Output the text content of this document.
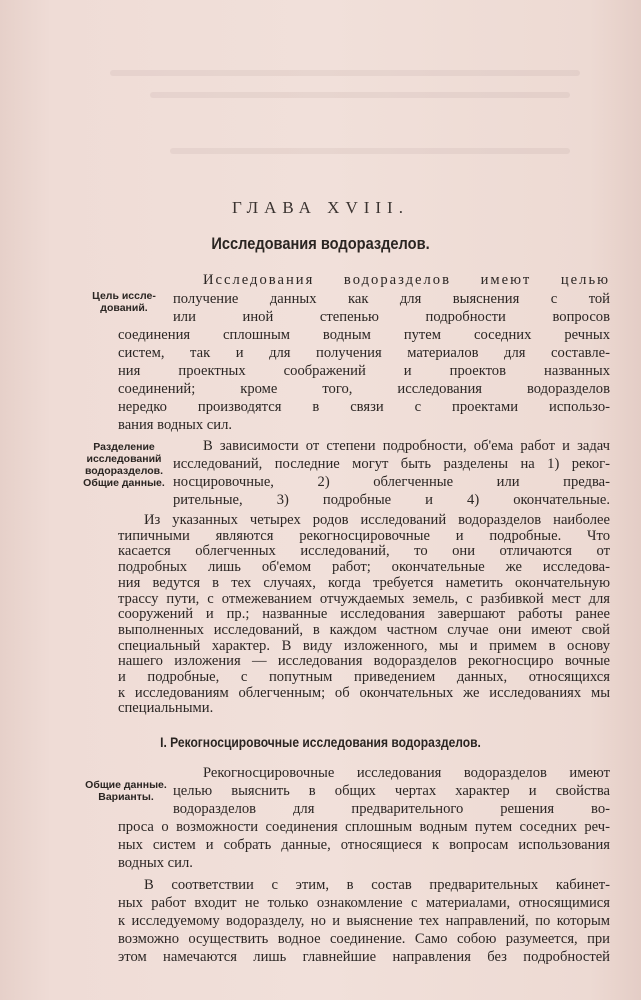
ГЛАВА XVIII.
Исследования водоразделов.
Цель иссле-
дований.
Разделение
исследований
водоразделов.
Общие данные.
Общие данные.
Варианты.
Исследования водоразделов имеют целью
получение данных как для выяснения с той
или иной степенью подробности вопросов
соединения сплошным водным путем соседних речных
систем, так и для получения материалов для составле-
ния проектных соображений и проектов названных
соединений; кроме того, исследования водоразделов
нередко производятся в связи с проектами использо-
вания водных сил.
В зависимости от степени подробности, об'ема работ и задач
исследований, последние могут быть разделены на 1) реког-
носцировочные, 2) облегченные или предва-
рительные, 3) подробные и 4) окончательные.
Из указанных четырех родов исследований водоразделов наиболее
типичными являются рекогносцировочные и подробные. Что
касается облегченных исследований, то они отличаются от
подробных лишь об'емом работ; окончательные же исследова-
ния ведутся в тех случаях, когда требуется наметить окончательную
трассу пути, с отмежеванием отчуждаемых земель, с разбивкой мест для
сооружений и пр.; названные исследования завершают работы ранее
выполненных исследований, в каждом частном случае они имеют свой
специальный характер. В виду изложенного, мы и примем в основу
нашего изложения — исследования водоразделов рекогносциро вочные
и подробные, с попутным приведением данных, относящихся
к исследованиям облегченным; об окончательных же исследованиях мы
I. Рекогносцировочные исследования водоразделов.
Рекогносцировочные исследования водоразделов имеют
целью выяснить в общих чертах характер и свойства
водоразделов для предварительного решения во-
проса о возможности соединения сплошным водным путем соседних реч-
ных систем и собрать данные, относящиеся к вопросам использования
водных сил.
В соответствии с этим, в состав предварительных кабинет-
ных работ входит не только ознакомление с материалами, относящимися
к исследуемому водоразделу, но и выяснение тех направлений, по которым
возможно осуществить водное соединение. Само собою разумеется, при
этом намечаются лишь главнейшие направления без подробностей
специальными.
